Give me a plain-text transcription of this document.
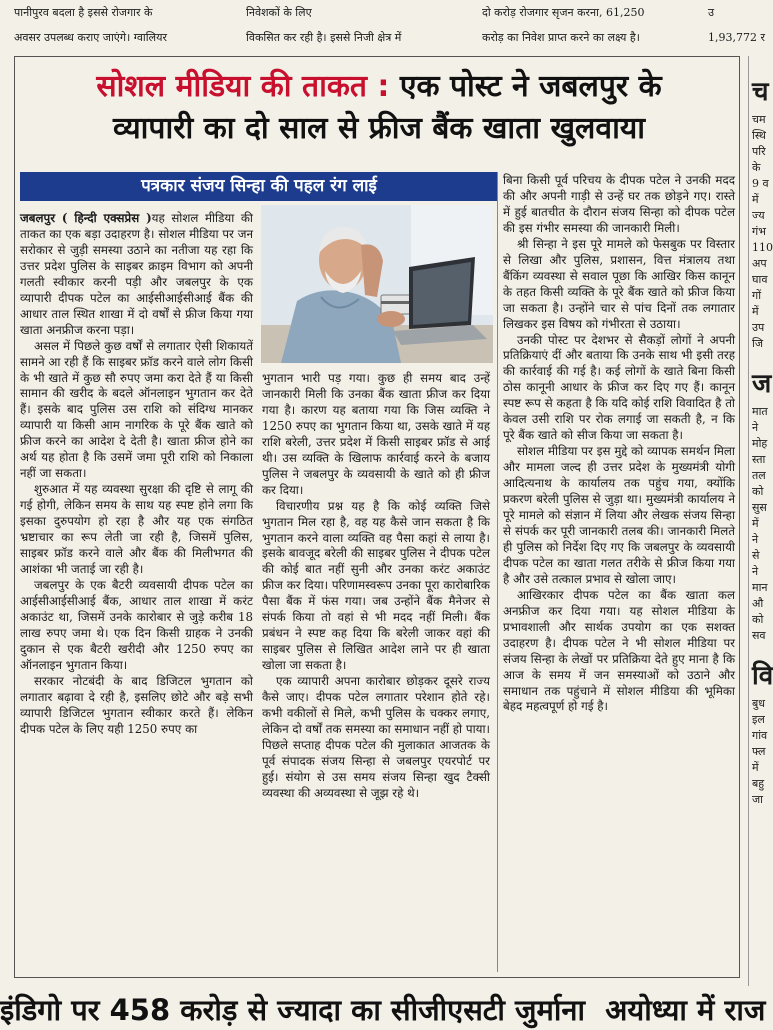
पानीपुरव बदला है इससे रोजगार के
अवसर उपलब्ध कराए जाएंगे। ग्वालियर
निवेशकों के लिए
विकसित कर रही है। इससे निजी क्षेत्र में
दो करोड़ रोजगार सृजन करना, 61,250
करोड़ का निवेश प्राप्त करने का लक्ष्य है।
उ
1,93,772 र
सोशल मीडिया की ताकत : एक पोस्ट ने जबलपुर के
व्यापारी का दो साल से फ्रीज बैंक खाता खुलवाया
पत्रकार संजय सिन्हा की पहल रंग लाई

जबलपुर ( हिन्दी एक्सप्रेस )यह सोशल मीडिया की ताकत का एक बड़ा उदाहरण है। सोशल मीडिया पर जन सरोकार से जुड़ी समस्या उठाने का नतीजा यह रहा कि उत्तर प्रदेश पुलिस के साइबर क्राइम विभाग को अपनी गलती स्वीकार करनी पड़ी और जबलपुर के एक व्यापारी दीपक पटेल का आईसीआईसीआई बैंक की आधार ताल स्थित शाखा में दो वर्षों से फ्रीज किया गया खाता अनफ्रीज करना पड़ा।

असल में पिछले कुछ वर्षों से लगातार ऐसी शिकायतें सामने आ रही हैं कि साइबर फ्रॉड करने वाले लोग किसी के भी खाते में कुछ सौ रुपए जमा करा देते हैं या किसी सामान की खरीद के बदले ऑनलाइन भुगतान कर देते हैं। इसके बाद पुलिस उस राशि को संदिग्ध मानकर व्यापारी या किसी आम नागरिक के पूरे बैंक खाते को फ्रीज करने का आदेश दे देती है। खाता फ्रीज होने का अर्थ यह होता है कि उसमें जमा पूरी राशि को निकाला नहीं जा सकता।

शुरुआत में यह व्यवस्था सुरक्षा की दृष्टि से लागू की गई होगी, लेकिन समय के साथ यह स्पष्ट होने लगा कि इसका दुरुपयोग हो रहा है और यह एक संगठित भ्रष्टाचार का रूप लेती जा रही है, जिसमें पुलिस, साइबर फ्रॉड करने वाले और बैंक की मिलीभगत की आशंका भी जताई जा रही है।

जबलपुर के एक बैटरी व्यवसायी दीपक पटेल का आईसीआईसीआई बैंक, आधार ताल शाखा में करंट अकाउंट था, जिसमें उनके कारोबार से जुड़े करीब 18 लाख रुपए जमा थे। एक दिन किसी ग्राहक ने उनकी दुकान से एक बैटरी खरीदी और 1250 रुपए का ऑनलाइन भुगतान किया।

सरकार नोटबंदी के बाद डिजिटल भुगतान को लगातार बढ़ावा दे रही है, इसलिए छोटे और बड़े सभी व्यापारी डिजिटल भुगतान स्वीकार करते हैं। लेकिन दीपक पटेल के लिए यही 1250 रुपए का

भुगतान भारी पड़ गया। कुछ ही समय बाद उन्हें जानकारी मिली कि उनका बैंक खाता फ्रीज कर दिया गया है। कारण यह बताया गया कि जिस व्यक्ति ने 1250 रुपए का भुगतान किया था, उसके खाते में यह राशि बरेली, उत्तर प्रदेश में किसी साइबर फ्रॉड से आई थी। उस व्यक्ति के खिलाफ कार्रवाई करने के बजाय पुलिस ने जबलपुर के व्यवसायी के खाते को ही फ्रीज कर दिया।

विचारणीय प्रश्न यह है कि कोई व्यक्ति जिसे भुगतान मिल रहा है, वह यह कैसे जान सकता है कि भुगतान करने वाला व्यक्ति वह पैसा कहां से लाया है। इसके बावजूद बरेली की साइबर पुलिस ने दीपक पटेल की कोई बात नहीं सुनी और उनका करंट अकाउंट फ्रीज कर दिया। परिणामस्वरूप उनका पूरा कारोबारिक पैसा बैंक में फंस गया। जब उन्होंने बैंक मैनेजर से संपर्क किया तो वहां से भी मदद नहीं मिली। बैंक प्रबंधन ने स्पष्ट कह दिया कि बरेली जाकर वहां की साइबर पुलिस से लिखित आदेश लाने पर ही खाता खोला जा सकता है।

एक व्यापारी अपना कारोबार छोड़कर दूसरे राज्य कैसे जाए। दीपक पटेल लगातार परेशान होते रहे। कभी वकीलों से मिले, कभी पुलिस के चक्कर लगाए, लेकिन दो वर्षों तक समस्या का समाधान नहीं हो पाया। पिछले सप्ताह दीपक पटेल की मुलाकात आजतक के पूर्व संपादक संजय सिन्हा से जबलपुर एयरपोर्ट पर हुई। संयोग से उस समय संजय सिन्हा खुद टैक्सी व्यवस्था की अव्यवस्था से जूझ रहे थे।

बिना किसी पूर्व परिचय के दीपक पटेल ने उनकी मदद की और अपनी गाड़ी से उन्हें घर तक छोड़ने गए। रास्ते में हुई बातचीत के दौरान संजय सिन्हा को दीपक पटेल की इस गंभीर समस्या की जानकारी मिली।

श्री सिन्हा ने इस पूरे मामले को फेसबुक पर विस्तार से लिखा और पुलिस, प्रशासन, वित्त मंत्रालय तथा बैंकिंग व्यवस्था से सवाल पूछा कि आखिर किस कानून के तहत किसी व्यक्ति के पूरे बैंक खाते को फ्रीज किया जा सकता है। उन्होंने चार से पांच दिनों तक लगातार लिखकर इस विषय को गंभीरता से उठाया।

उनकी पोस्ट पर देशभर से सैकड़ों लोगों ने अपनी प्रतिक्रियाएं दीं और बताया कि उनके साथ भी इसी तरह की कार्रवाई की गई है। कई लोगों के खाते बिना किसी ठोस कानूनी आधार के फ्रीज कर दिए गए हैं। कानून स्पष्ट रूप से कहता है कि यदि कोई राशि विवादित है तो केवल उसी राशि पर रोक लगाई जा सकती है, न कि पूरे बैंक खाते को सीज किया जा सकता है।

सोशल मीडिया पर इस मुद्दे को व्यापक समर्थन मिला और मामला जल्द ही उत्तर प्रदेश के मुख्यमंत्री योगी आदित्यनाथ के कार्यालय तक पहुंच गया, क्योंकि प्रकरण बरेली पुलिस से जुड़ा था। मुख्यमंत्री कार्यालय ने पूरे मामले को संज्ञान में लिया और लेखक संजय सिन्हा से संपर्क कर पूरी जानकारी तलब की। जानकारी मिलते ही पुलिस को निर्देश दिए गए कि जबलपुर के व्यवसायी दीपक पटेल का खाता गलत तरीके से फ्रीज किया गया है और उसे तत्काल प्रभाव से खोला जाए।

आखिरकार दीपक पटेल का बैंक खाता कल अनफ्रीज कर दिया गया। यह सोशल मीडिया के प्रभावशाली और सार्थक उपयोग का एक सशक्त उदाहरण है। दीपक पटेल ने भी सोशल मीडिया पर संजय सिन्हा के लेखों पर प्रतिक्रिया देते हुए माना है कि आज के समय में जन समस्याओं को उठाने और समाधान तक पहुंचाने में सोशल मीडिया की भूमिका बेहद महत्वपूर्ण हो गई है।

च
चम
स्थि
परि
के
9 व
में
ज्य
गंभ
110
अप
घाव
गों
में
उप
जि
ज
मात
ने
मोह
स्ता
तल
को
सुस
में
ने
से
ने
मान
औ
को
सव
वि
बुध
इल
गांव
फ्ल
में
बहु
जा
इंडिगो पर 458 करोड़ से ज्यादा का सीजीएसटी जुर्माना अयोध्या में राज
